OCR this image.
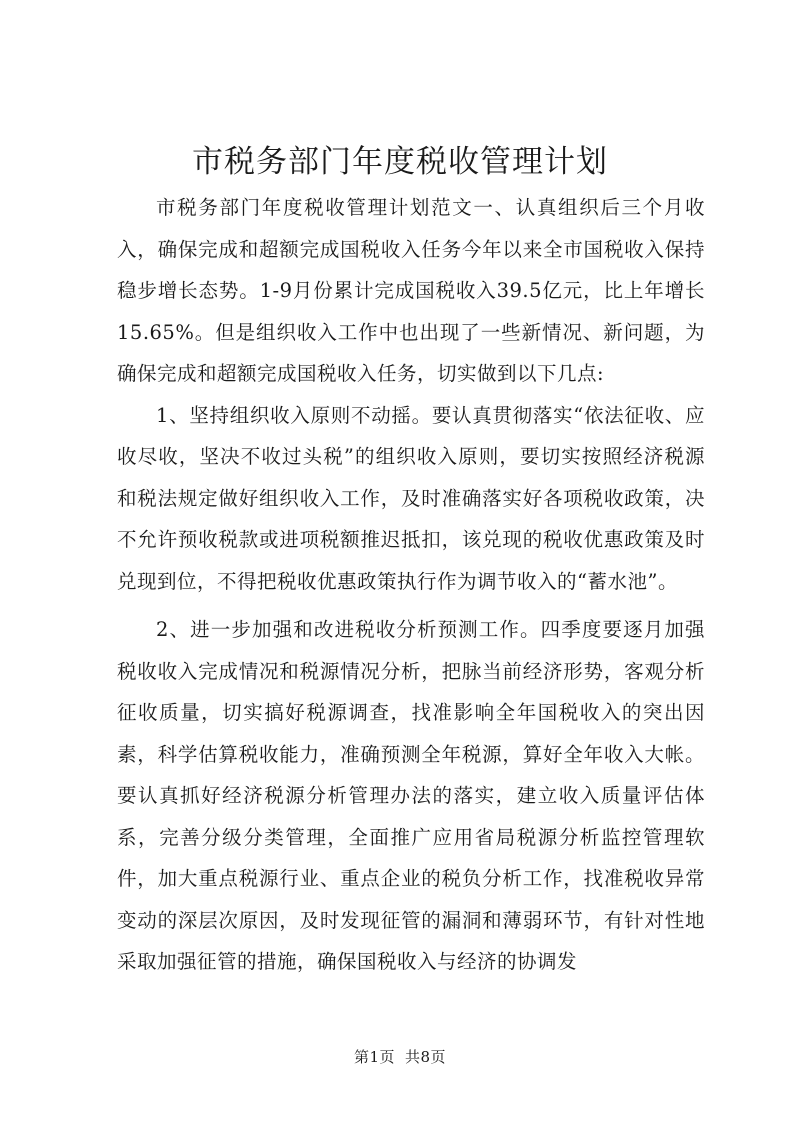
市税务部门年度税收管理计划

市税务部门年度税收管理计划范文一、认真组织后三个月收入，确保完成和超额完成国税收入任务今年以来全市国税收入保持稳步增长态势。1-9月份累计完成国税收入39.5亿元，比上年增长15.65%。但是组织收入工作中也出现了一些新情况、新问题，为确保完成和超额完成国税收入任务，切实做到以下几点:

1、坚持组织收入原则不动摇。要认真贯彻落实“依法征收、应收尽收，坚决不收过头税”的组织收入原则，要切实按照经济税源和税法规定做好组织收入工作，及时准确落实好各项税收政策，决不允许预收税款或进项税额推迟抵扣，该兑现的税收优惠政策及时兑现到位，不得把税收优惠政策执行作为调节收入的“蓄水池”。

2、进一步加强和改进税收分析预测工作。四季度要逐月加强税收收入完成情况和税源情况分析，把脉当前经济形势，客观分析征收质量，切实搞好税源调查，找准影响全年国税收入的突出因素，科学估算税收能力，准确预测全年税源，算好全年收入大帐。要认真抓好经济税源分析管理办法的落实，建立收入质量评估体系，完善分级分类管理，全面推广应用省局税源分析监控管理软件，加大重点税源行业、重点企业的税负分析工作，找准税收异常变动的深层次原因，及时发现征管的漏洞和薄弱环节，有针对性地采取加强征管的措施，确保国税收入与经济的协调发

第1页 共8页
